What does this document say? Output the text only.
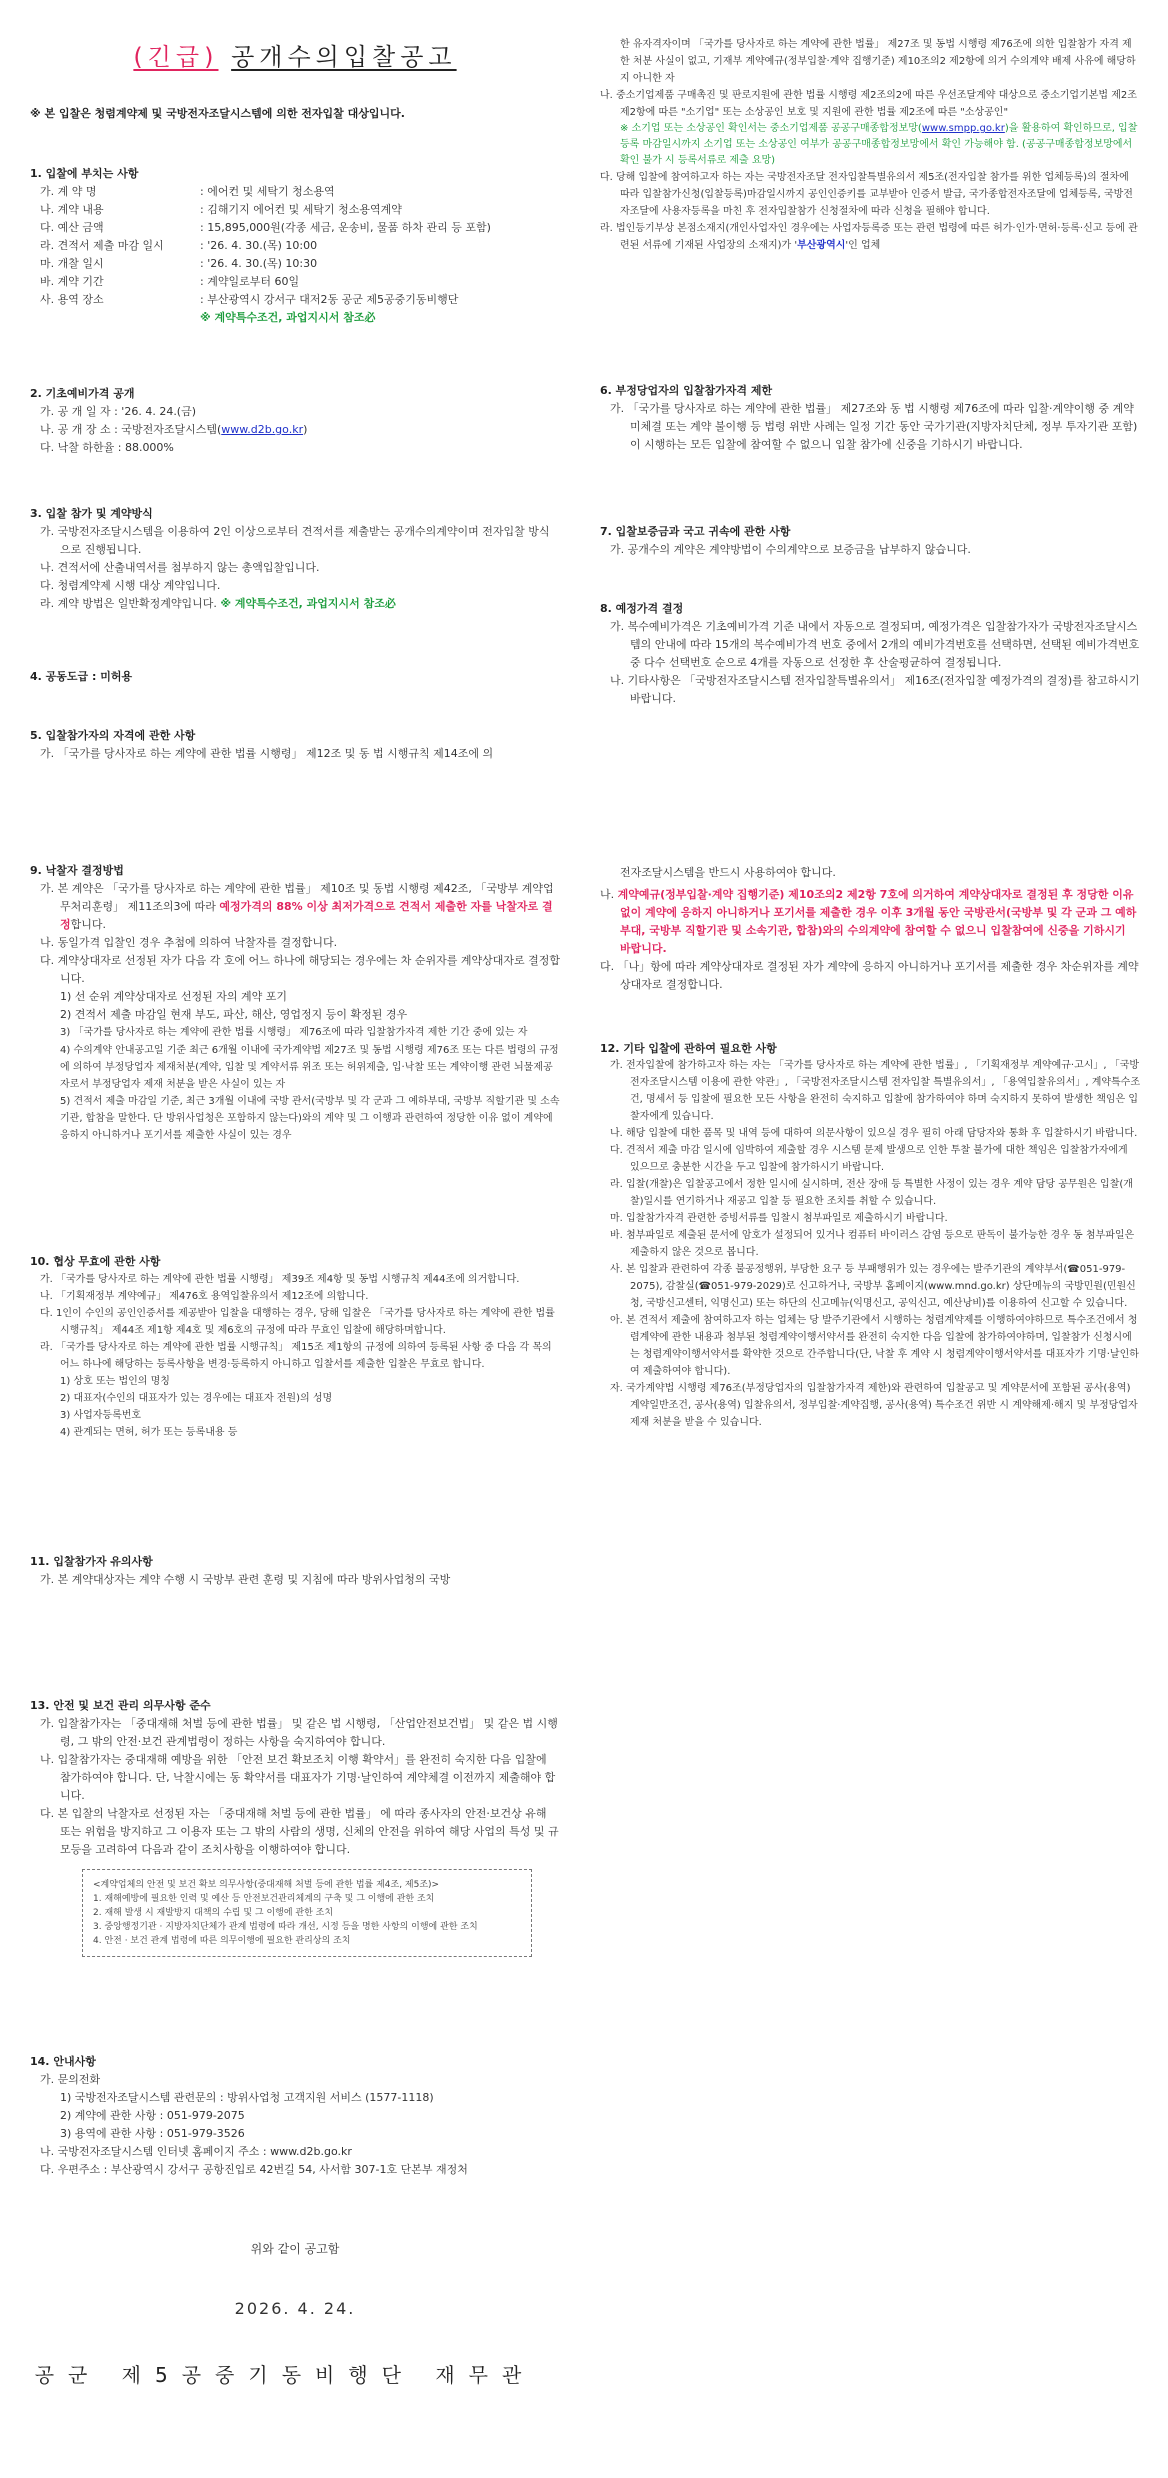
(긴급) 공개수의입찰공고
※ 본 입찰은 청렴계약제 및 국방전자조달시스템에 의한 전자입찰 대상입니다.
1. 입찰에 부치는 사항
가. 계 약 명	: 에어컨 및 세탁기 청소용역
나. 계약 내용	: 김해기지 에어컨 및 세탁기 청소용역계약
다. 예산 금액	: 15,895,000원(각종 세금, 운송비, 물품 하차 관리 등 포함)
라. 견적서 제출 마감 일시	: '26. 4. 30.(목) 10:00
마. 개찰 일시	: '26. 4. 30.(목) 10:30
바. 계약 기간	: 계약일로부터 60일
사. 용역 장소	: 부산광역시 강서구 대저2동 공군 제5공중기동비행단
※ 계약특수조건, 과업지시서 참조必
2. 기초예비가격 공개
가. 공 개 일 자 : '26. 4. 24.(금)
나. 공 개 장 소 : 국방전자조달시스템(www.d2b.go.kr)
다. 낙찰 하한율 : 88.000%
3. 입찰 참가 및 계약방식
가. 국방전자조달시스템을 이용하여 2인 이상으로부터 견적서를 제출받는 공개수의계약이며 전자입찰 방식으로 진행됩니다.
나. 견적서에 산출내역서를 첨부하지 않는 총액입찰입니다.
다. 청렴계약제 시행 대상 계약입니다.
라. 계약 방법은 일반확정계약입니다. ※ 계약특수조건, 과업지시서 참조必
4. 공동도급 : 미허용
5. 입찰참가자의 자격에 관한 사항
가. 「국가를 당사자로 하는 계약에 관한 법률 시행령」 제12조 및 동 법 시행규칙 제14조에 의
9. 낙찰자 결정방법
가. 본 계약은 「국가를 당사자로 하는 계약에 관한 법률」 제10조 및 동법 시행령 제42조, 「국방부 계약업무처리훈령」 제11조의3에 따라 예정가격의 88% 이상 최저가격으로 견적서 제출한 자를 낙찰자로 결정합니다.
나. 동일가격 입찰인 경우 추첨에 의하여 낙찰자를 결정합니다.
다. 계약상대자로 선정된 자가 다음 각 호에 어느 하나에 해당되는 경우에는 차 순위자를 계약상대자로 결정합니다.
1) 선 순위 계약상대자로 선정된 자의 계약 포기
2) 견적서 제출 마감일 현재 부도, 파산, 해산, 영업정지 등이 확정된 경우
3) 「국가를 당사자로 하는 계약에 관한 법률 시행령」 제76조에 따라 입찰참가자격 제한 기간 중에 있는 자
4) 수의계약 안내공고일 기준 최근 6개월 이내에 국가계약법 제27조 및 동법 시행령 제76조 또는 다른 법령의 규정에 의하여 부정당업자 제재처분(계약, 입찰 및 계약서류 위조 또는 허위제출, 입·낙찰 또는 계약이행 관련 뇌물제공자로서 부정당업자 제재 처분을 받은 사실이 있는 자
5) 견적서 제출 마감일 기준, 최근 3개월 이내에 국방 관서(국방부 및 각 군과 그 예하부대, 국방부 직할기관 및 소속 기관, 합참을 말한다. 단 방위사업청은 포함하지 않는다)와의 계약 및 그 이행과 관련하여 정당한 이유 없이 계약에 응하지 아니하거나 포기서를 제출한 사실이 있는 경우
10. 협상 무효에 관한 사항
가. 「국가를 당사자로 하는 계약에 관한 법률 시행령」 제39조 제4항 및 동법 시행규칙 제44조에 의거합니다.
나. 「기획재정부 계약예규」 제476호 용역입찰유의서 제12조에 의합니다.
다. 1인이 수인의 공인인증서를 제공받아 입찰을 대행하는 경우, 당해 입찰은 「국가를 당사자로 하는 계약에 관한 법률 시행규칙」 제44조 제1항 제4호 및 제6호의 규정에 따라 무효인 입찰에 해당하며합니다.
라. 「국가를 당사자로 하는 계약에 관한 법률 시행규칙」 제15조 제1항의 규정에 의하여 등록된 사항 중 다음 각 목의 어느 하나에 해당하는 등록사항을 변경·등록하지 아니하고 입찰서를 제출한 입찰은 무효로 합니다.
1) 상호 또는 법인의 명칭
2) 대표자(수인의 대표자가 있는 경우에는 대표자 전원)의 성명
3) 사업자등록번호
4) 관계되는 면허, 허가 또는 등록내용 등
11. 입찰참가자 유의사항
가. 본 계약대상자는 계약 수행 시 국방부 관련 훈령 및 지침에 따라 방위사업청의 국방
13. 안전 및 보건 관리 의무사항 준수
가. 입찰참가자는 「중대재해 처벌 등에 관한 법률」 및 같은 법 시행령, 「산업안전보건법」 및 같은 법 시행령, 그 밖의 안전·보건 관계법령이 정하는 사항을 숙지하여야 합니다.
나. 입찰참가자는 중대재해 예방을 위한 「안전 보건 확보조치 이행 확약서」를 완전히 숙지한 다음 입찰에 참가하여야 합니다. 단, 낙찰시에는 동 확약서를 대표자가 기명·날인하여 계약체결 이전까지 제출해야 합니다.
다. 본 입찰의 낙찰자로 선정된 자는 「중대재해 처벌 등에 관한 법률」 에 따라 종사자의 안전·보건상 유해 또는 위험을 방지하고 그 이용자 또는 그 밖의 사람의 생명, 신체의 안전을 위하여 해당 사업의 특성 및 규모등을 고려하여 다음과 같이 조치사항을 이행하여야 합니다.
<계약업체의 안전 및 보건 확보 의무사항(중대재해 처벌 등에 관한 법률 제4조, 제5조)>
1. 재해예방에 필요한 인력 및 예산 등 안전보건관리체계의 구축 및 그 이행에 관한 조치
2. 재해 발생 시 재발방지 대책의 수립 및 그 이행에 관한 조치
3. 중앙행정기관 · 지방자치단체가 관계 법령에 따라 개선, 시정 등을 명한 사항의 이행에 관한 조치
4. 안전 · 보건 관계 법령에 따른 의무이행에 필요한 관리상의 조치
14. 안내사항
가. 문의전화
1) 국방전자조달시스템 관련문의 : 방위사업청 고객지원 서비스 (1577-1118)
2) 계약에 관한 사항 : 051-979-2075
3) 용역에 관한 사항 : 051-979-3526
나. 국방전자조달시스템 인터넷 홈페이지 주소 : www.d2b.go.kr
다. 우편주소 : 부산광역시 강서구 공항진입로 42번길 54, 사서함 307-1호 단본부 재정처
위와 같이 공고함
2026. 4. 24.
공군 제5공중기동비행단 재무관
한 유자격자이며 「국가를 당사자로 하는 계약에 관한 법률」 제27조 및 동법 시행령 제76조에 의한 입찰참가 자격 제한 처분 사실이 없고, 기재부 계약예규(정부입찰·계약 집행기준) 제10조의2 제2항에 의거 수의계약 배제 사유에 해당하지 아니한 자
나. 중소기업제품 구매촉진 및 판로지원에 관한 법률 시행령 제2조의2에 따른 우선조달계약 대상으로 중소기업기본법 제2조 제2항에 따른 "소기업" 또는 소상공인 보호 및 지원에 관한 법률 제2조에 따른 "소상공인"
※ 소기업 또는 소상공인 확인서는 중소기업제품 공공구매종합정보망(www.smpp.go.kr)을 활용하여 확인하므로, 입찰 등록 마감일시까지 소기업 또는 소상공인 여부가 공공구매종합정보망에서 확인 가능해야 함. (공공구매종합정보망에서 확인 불가 시 등록서류로 제출 요망)
다. 당해 입찰에 참여하고자 하는 자는 국방전자조달 전자입찰특별유의서 제5조(전자입찰 참가를 위한 업체등록)의 절차에 따라 입찰참가신청(입찰등록)마감일시까지 공인인증키를 교부받아 인증서 발급, 국가종합전자조달에 업체등록, 국방전자조달에 사용자등록을 마친 후 전자입찰참가 신청절차에 따라 신청을 필해야 합니다.
라. 법인등기부상 본점소재지(개인사업자인 경우에는 사업자등록증 또는 관련 법령에 따른 허가·인가·면허·등록·신고 등에 관련된 서류에 기재된 사업장의 소재지)가 '부산광역시'인 업체
6. 부정당업자의 입찰참가자격 제한
가. 「국가를 당사자로 하는 계약에 관한 법률」 제27조와 동 법 시행령 제76조에 따라 입찰·계약이행 중 계약 미체결 또는 계약 불이행 등 법령 위반 사례는 일정 기간 동안 국가기관(지방자치단체, 정부 투자기관 포함)이 시행하는 모든 입찰에 참여할 수 없으니 입찰 참가에 신중을 기하시기 바랍니다.
7. 입찰보증금과 국고 귀속에 관한 사항
가. 공개수의 계약은 계약방법이 수의계약으로 보증금을 납부하지 않습니다.
8. 예정가격 결정
가. 복수예비가격은 기초예비가격 기준 내에서 자동으로 결정되며, 예정가격은 입찰참가자가 국방전자조달시스템의 안내에 따라 15개의 복수예비가격 번호 중에서 2개의 예비가격번호를 선택하면, 선택된 예비가격번호 중 다수 선택번호 순으로 4개를 자동으로 선정한 후 산술평균하여 결정됩니다.
나. 기타사항은 「국방전자조달시스템 전자입찰특별유의서」 제16조(전자입찰 예정가격의 결정)를 참고하시기 바랍니다.
전자조달시스템을 반드시 사용하여야 합니다.
나. 계약예규(정부입찰·계약 집행기준) 제10조의2 제2항 7호에 의거하여 계약상대자로 결정된 후 정당한 이유 없이 계약에 응하지 아니하거나 포기서를 제출한 경우 이후 3개월 동안 국방관서(국방부 및 각 군과 그 예하부대, 국방부 직할기관 및 소속기관, 합참)와의 수의계약에 참여할 수 없으니 입찰참여에 신중을 기하시기 바랍니다.
다. 「나」항에 따라 계약상대자로 결정된 자가 계약에 응하지 아니하거나 포기서를 제출한 경우 차순위자를 계약상대자로 결정합니다.
12. 기타 입찰에 관하여 필요한 사항
가. 전자입찰에 참가하고자 하는 자는 「국가를 당사자로 하는 계약에 관한 법률」, 「기획재정부 계약예규·고시」, 「국방전자조달시스템 이용에 관한 약관」, 「국방전자조달시스템 전자입찰 특별유의서」, 「용역입찰유의서」, 계약특수조건, 명세서 등 입찰에 필요한 모든 사항을 완전히 숙지하고 입찰에 참가하여야 하며 숙지하지 못하여 발생한 책임은 입찰자에게 있습니다.
나. 해당 입찰에 대한 품목 및 내역 등에 대하여 의문사항이 있으실 경우 필히 아래 담당자와 통화 후 입찰하시기 바랍니다.
다. 견적서 제출 마감 일시에 임박하여 제출할 경우 시스템 문제 발생으로 인한 투찰 불가에 대한 책임은 입찰참가자에게 있으므로 충분한 시간을 두고 입찰에 참가하시기 바랍니다.
라. 입찰(개찰)은 입찰공고에서 정한 일시에 실시하며, 전산 장애 등 특별한 사정이 있는 경우 계약 담당 공무원은 입찰(개찰)일시를 연기하거나 재공고 입찰 등 필요한 조치를 취할 수 있습니다.
마. 입찰참가자격 관련한 증빙서류를 입찰시 첨부파일로 제출하시기 바랍니다.
바. 첨부파일로 제출된 문서에 암호가 설정되어 있거나 컴퓨터 바이러스 감염 등으로 판독이 불가능한 경우 동 첨부파일은 제출하지 않은 것으로 봅니다.
사. 본 입찰과 관련하여 각종 불공정행위, 부당한 요구 등 부패행위가 있는 경우에는 발주기관의 계약부서(☎051-979-2075), 감찰실(☎051-979-2029)로 신고하거나, 국방부 홈페이지(www.mnd.go.kr) 상단메뉴의 국방민원(민원신청, 국방신고센터, 익명신고) 또는 하단의 신고메뉴(익명신고, 공익신고, 예산낭비)를 이용하여 신고할 수 있습니다.
아. 본 견적서 제출에 참여하고자 하는 업체는 당 발주기관에서 시행하는 청렴계약제를 이행하여야하므로 특수조건에서 청렴계약에 관한 내용과 첨부된 청렴계약이행서약서를 완전히 숙지한 다음 입찰에 참가하여야하며, 입찰참가 신청시에는 청렴계약이행서약서를 확약한 것으로 간주합니다(단, 낙찰 후 계약 시 청렴계약이행서약서를 대표자가 기명·날인하여 제출하여야 합니다).
자. 국가계약법 시행령 제76조(부정당업자의 입찰참가자격 제한)와 관련하여 입찰공고 및 계약문서에 포함된 공사(용역) 계약일반조건, 공사(용역) 입찰유의서, 정부입찰·계약집행, 공사(용역) 특수조건 위반 시 계약해제·해지 및 부정당업자 제재 처분을 받을 수 있습니다.
